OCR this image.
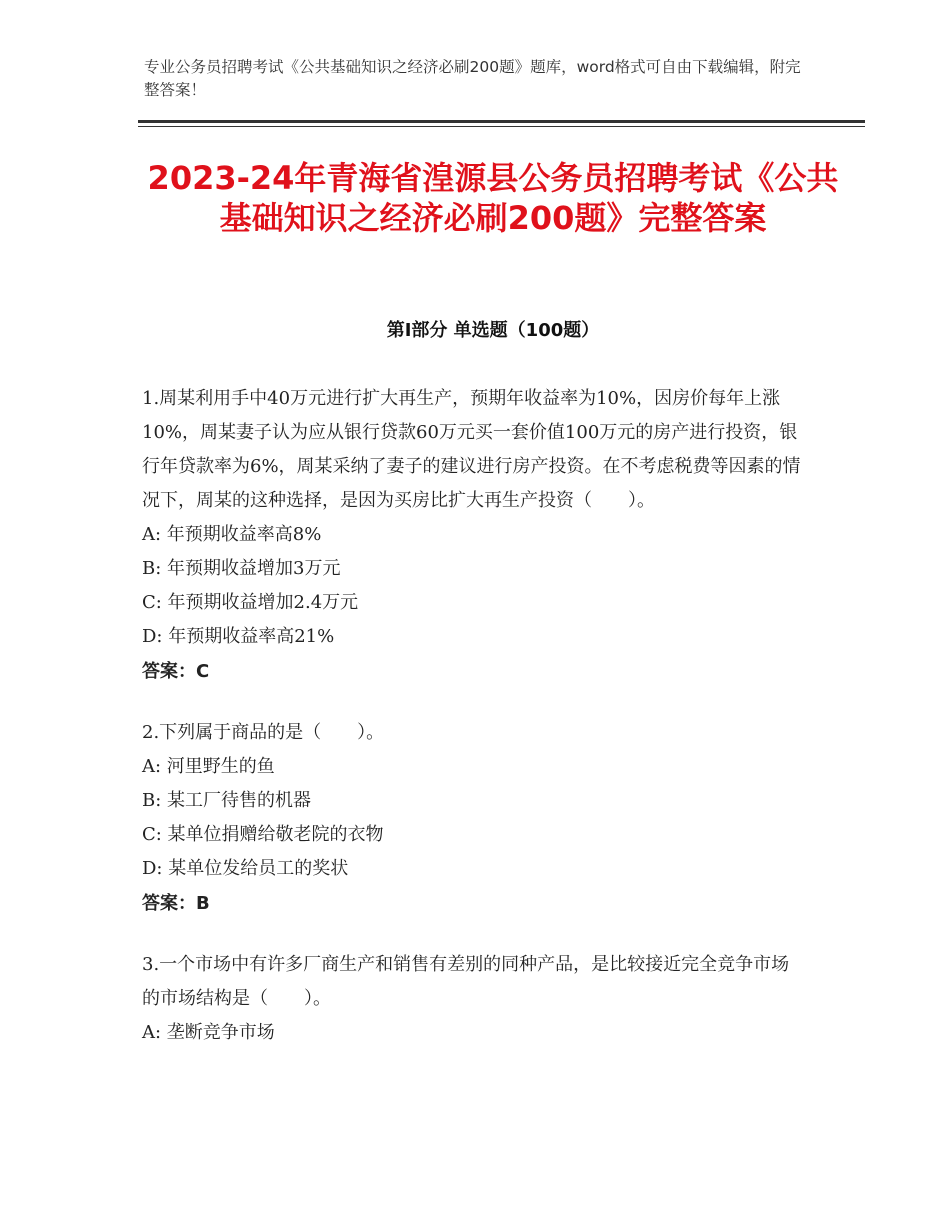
专业公务员招聘考试《公共基础知识之经济必刷200题》题库，word格式可自由下载编辑，附完整答案！
2023-24年青海省湟源县公务员招聘考试《公共基础知识之经济必刷200题》完整答案
第I部分 单选题（100题）
1.周某利用手中40万元进行扩大再生产，预期年收益率为10%，因房价每年上涨10%，周某妻子认为应从银行贷款60万元买一套价值100万元的房产进行投资，银行年贷款率为6%，周某采纳了妻子的建议进行房产投资。在不考虑税费等因素的情况下，周某的这种选择，是因为买房比扩大再生产投资（　　）。
A: 年预期收益率高8%
B: 年预期收益增加3万元
C: 年预期收益增加2.4万元
D: 年预期收益率高21%
答案：C
2.下列属于商品的是（　　）。
A: 河里野生的鱼
B: 某工厂待售的机器
C: 某单位捐赠给敬老院的衣物
D: 某单位发给员工的奖状
答案：B
3.一个市场中有许多厂商生产和销售有差别的同种产品，是比较接近完全竞争市场的市场结构是（　　）。
A: 垄断竞争市场
